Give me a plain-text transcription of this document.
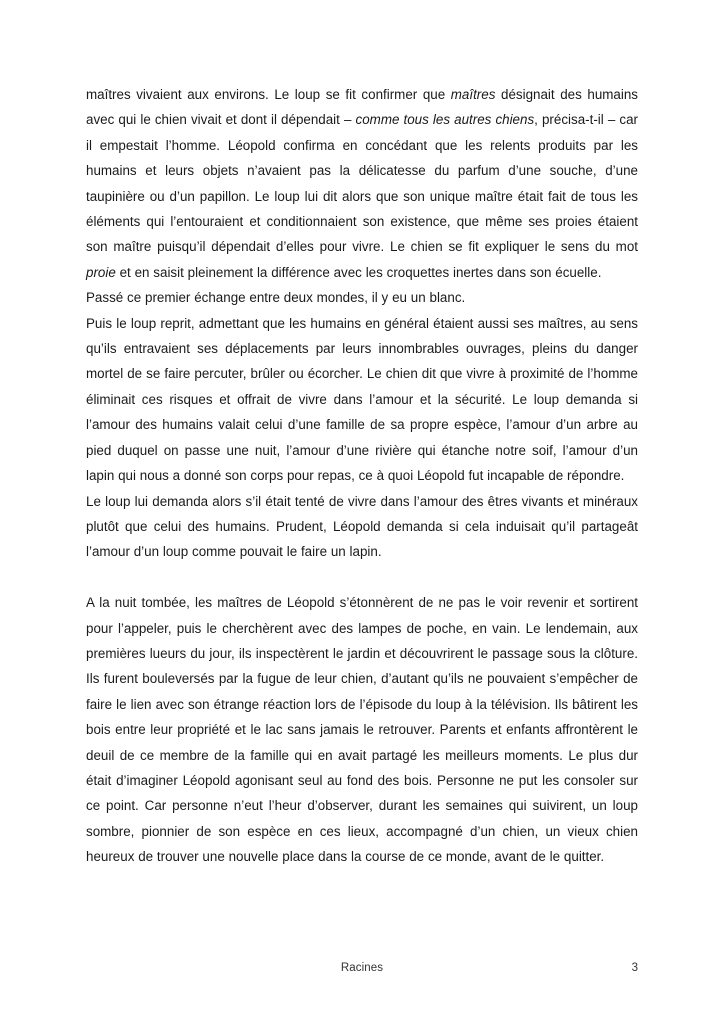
maîtres vivaient aux environs. Le loup se fit confirmer que maîtres désignait des humains avec qui le chien vivait et dont il dépendait – comme tous les autres chiens, précisa-t-il – car il empestait l’homme. Léopold confirma en concédant que les relents produits par les humains et leurs objets n’avaient pas la délicatesse du parfum d’une souche, d’une taupinière ou d’un papillon. Le loup lui dit alors que son unique maître était fait de tous les éléments qui l’entouraient et conditionnaient son existence, que même ses proies étaient son maître puisqu’il dépendait d’elles pour vivre. Le chien se fit expliquer le sens du mot proie et en saisit pleinement la différence avec les croquettes inertes dans son écuelle.

Passé ce premier échange entre deux mondes, il y eu un blanc.

Puis le loup reprit, admettant que les humains en général étaient aussi ses maîtres, au sens qu’ils entravaient ses déplacements par leurs innombrables ouvrages, pleins du danger mortel de se faire percuter, brûler ou écorcher. Le chien dit que vivre à proximité de l’homme éliminait ces risques et offrait de vivre dans l’amour et la sécurité. Le loup demanda si l’amour des humains valait celui d’une famille de sa propre espèce, l’amour d’un arbre au pied duquel on passe une nuit, l’amour d’une rivière qui étanche notre soif, l’amour d’un lapin qui nous a donné son corps pour repas, ce à quoi Léopold fut incapable de répondre.

Le loup lui demanda alors s’il était tenté de vivre dans l’amour des êtres vivants et minéraux plutôt que celui des humains. Prudent, Léopold demanda si cela induisait qu’il partageât l’amour d’un loup comme pouvait le faire un lapin.

A la nuit tombée, les maîtres de Léopold s’étonnèrent de ne pas le voir revenir et sortirent pour l’appeler, puis le cherchèrent avec des lampes de poche, en vain. Le lendemain, aux premières lueurs du jour, ils inspectèrent le jardin et découvrirent le passage sous la clôture. Ils furent bouleversés par la fugue de leur chien, d’autant qu’ils ne pouvaient s’empêcher de faire le lien avec son étrange réaction lors de l’épisode du loup à la télévision. Ils bâtirent les bois entre leur propriété et le lac sans jamais le retrouver. Parents et enfants affrontèrent le deuil de ce membre de la famille qui en avait partagé les meilleurs moments. Le plus dur était d’imaginer Léopold agonisant seul au fond des bois. Personne ne put les consoler sur ce point. Car personne n’eut l’heur d’observer, durant les semaines qui suivirent, un loup sombre, pionnier de son espèce en ces lieux, accompagné d’un chien, un vieux chien heureux de trouver une nouvelle place dans la course de ce monde, avant de le quitter.

Racines	3
